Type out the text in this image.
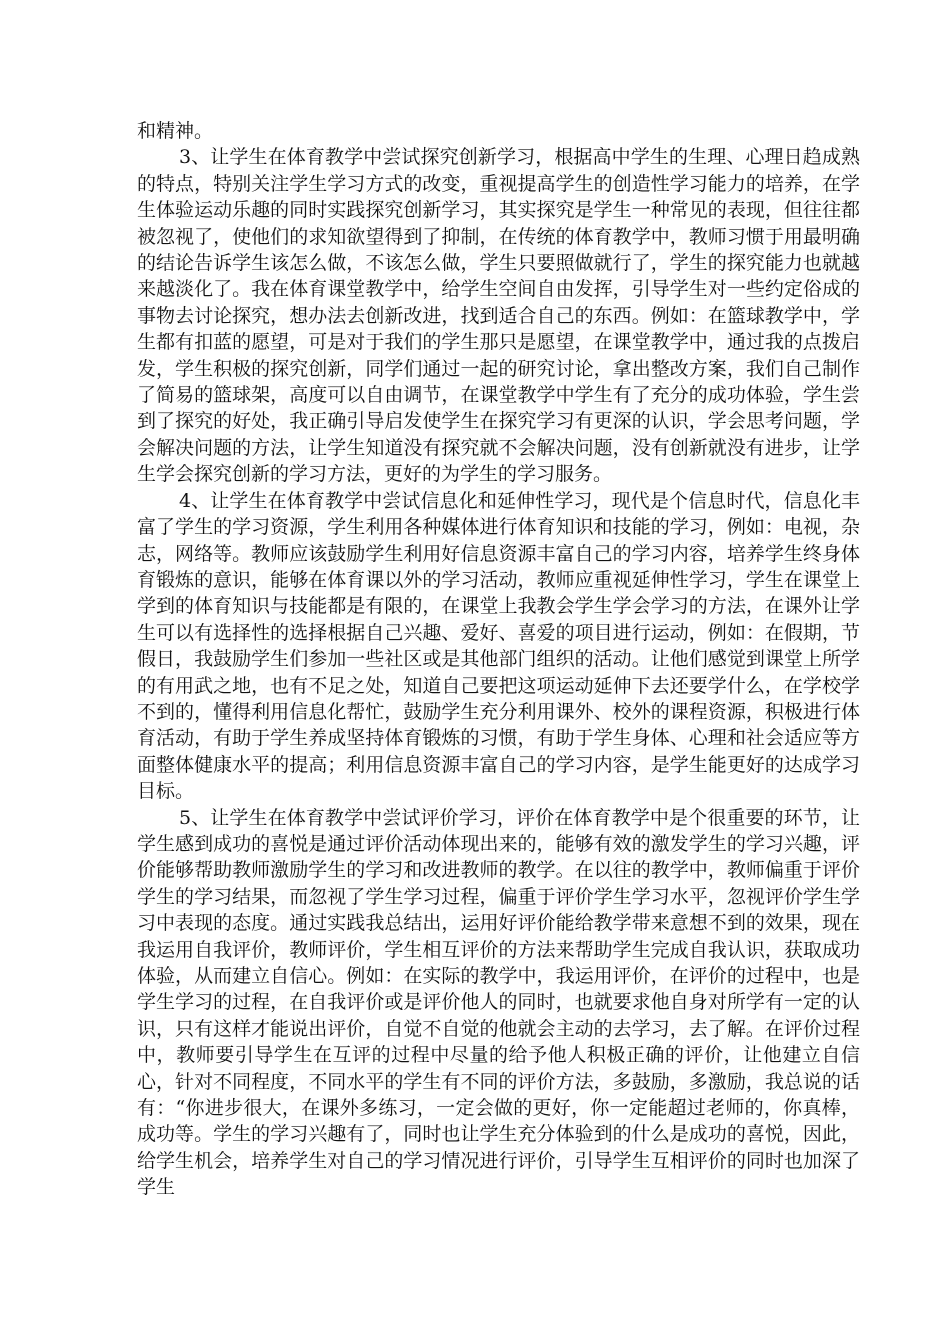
和精神。

3、让学生在体育教学中尝试探究创新学习，根据高中学生的生理、心理日趋成熟的特点，特别关注学生学习方式的改变，重视提高学生的创造性学习能力的培养，在学生体验运动乐趣的同时实践探究创新学习，其实探究是学生一种常见的表现，但往往都被忽视了，使他们的求知欲望得到了抑制，在传统的体育教学中，教师习惯于用最明确的结论告诉学生该怎么做，不该怎么做，学生只要照做就行了，学生的探究能力也就越来越淡化了。我在体育课堂教学中，给学生空间自由发挥，引导学生对一些约定俗成的事物去讨论探究，想办法去创新改进，找到适合自己的东西。例如：在篮球教学中，学生都有扣蓝的愿望，可是对于我们的学生那只是愿望，在课堂教学中，通过我的点拨启发，学生积极的探究创新，同学们通过一起的研究讨论，拿出整改方案，我们自己制作了简易的篮球架，高度可以自由调节，在课堂教学中学生有了充分的成功体验，学生尝到了探究的好处，我正确引导启发使学生在探究学习有更深的认识，学会思考问题，学会解决问题的方法，让学生知道没有探究就不会解决问题，没有创新就没有进步，让学生学会探究创新的学习方法，更好的为学生的学习服务。

4、让学生在体育教学中尝试信息化和延伸性学习，现代是个信息时代，信息化丰富了学生的学习资源，学生利用各种媒体进行体育知识和技能的学习，例如：电视，杂志，网络等。教师应该鼓励学生利用好信息资源丰富自己的学习内容，培养学生终身体育锻炼的意识，能够在体育课以外的学习活动，教师应重视延伸性学习，学生在课堂上学到的体育知识与技能都是有限的，在课堂上我教会学生学会学习的方法，在课外让学生可以有选择性的选择根据自己兴趣、爱好、喜爱的项目进行运动，例如：在假期，节假日，我鼓励学生们参加一些社区或是其他部门组织的活动。让他们感觉到课堂上所学的有用武之地，也有不足之处，知道自己要把这项运动延伸下去还要学什么，在学校学不到的，懂得利用信息化帮忙，鼓励学生充分利用课外、校外的课程资源，积极进行体育活动，有助于学生养成坚持体育锻炼的习惯，有助于学生身体、心理和社会适应等方面整体健康水平的提高；利用信息资源丰富自己的学习内容，是学生能更好的达成学习目标。

5、让学生在体育教学中尝试评价学习，评价在体育教学中是个很重要的环节，让学生感到成功的喜悦是通过评价活动体现出来的，能够有效的激发学生的学习兴趣，评价能够帮助教师激励学生的学习和改进教师的教学。在以往的教学中，教师偏重于评价学生的学习结果，而忽视了学生学习过程，偏重于评价学生学习水平，忽视评价学生学习中表现的态度。通过实践我总结出，运用好评价能给教学带来意想不到的效果，现在我运用自我评价，教师评价，学生相互评价的方法来帮助学生完成自我认识，获取成功体验，从而建立自信心。例如：在实际的教学中，我运用评价，在评价的过程中，也是学生学习的过程，在自我评价或是评价他人的同时，也就要求他自身对所学有一定的认识，只有这样才能说出评价，自觉不自觉的他就会主动的去学习，去了解。在评价过程中，教师要引导学生在互评的过程中尽量的给予他人积极正确的评价，让他建立自信心，针对不同程度，不同水平的学生有不同的评价方法，多鼓励，多激励，我总说的话有：“你进步很大，在课外多练习，一定会做的更好，你一定能超过老师的，你真棒，成功等。学生的学习兴趣有了，同时也让学生充分体验到的什么是成功的喜悦，因此，给学生机会，培养学生对自己的学习情况进行评价，引导学生互相评价的同时也加深了学生
